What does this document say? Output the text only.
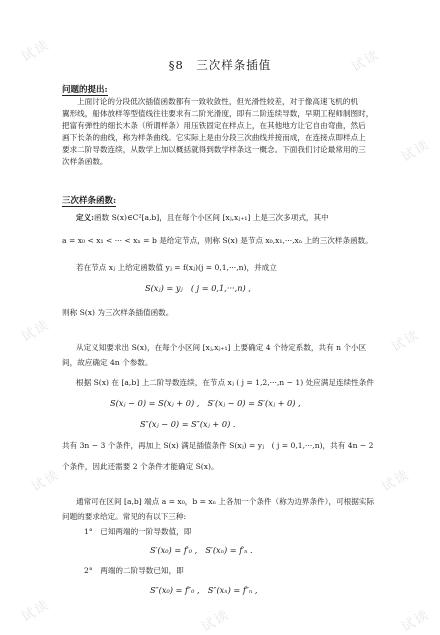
试读	试读
试读
试读	试读
试读	试读
试读	试读	试读
§8　三次样条插值
问题的提出:
上面讨论的分段低次插值函数都有一致收敛性，但光滑性较差，对于像高速飞机的机
翼形线，船体放样等型值线往往要求有二阶光滑度，即有二阶连续导数，早期工程师制图时，
把富有弹性的细长木条（所谓样条）用压铁固定在样点上，在其他地方让它自由弯曲，然后
画下长条的曲线，称为样条曲线。它实际上是由分段三次曲线并接而成，在连接点即样点上
要求二阶导数连续，从数学上加以概括就得到数学样条这一概念。下面我们讨论最常用的三
次样条函数。
三次样条函数:
定义:函数 S(x)∈C²[a,b]，且在每个小区间 [xⱼ,xⱼ₊₁] 上是三次多项式，其中
a = x₀ < x₁ < ··· < xₙ = b 是给定节点，则称 S(x) 是节点 x₀,x₁,···,xₙ 上的三次样条函数。
若在节点 xⱼ 上给定函数值 yⱼ = f(xⱼ)(j = 0,1,···,n)，并成立
S(xⱼ) = yⱼ　( j = 0,1,···,n) ,
则称 S(x) 为三次样条插值函数。
从定义知要求出 S(x)，在每个小区间 [xⱼ,xⱼ₊₁] 上要确定 4 个待定系数，共有 n 个小区
间，故应确定 4n 个参数。
根据 S(x) 在 [a,b] 上二阶导数连续，在节点 xⱼ ( j = 1,2,···,n − 1) 处应满足连续性条件
S(xⱼ − 0) = S(xⱼ + 0) ,　S′(xⱼ − 0) = S′(xⱼ + 0) ,
S″(xⱼ − 0) = S″(xⱼ + 0) .
共有 3n − 3 个条件，再加上 S(x) 满足插值条件 S(xⱼ) = yⱼ　( j = 0,1,···,n)，共有 4n − 2
个条件，因此还需要 2 个条件才能确定 S(x)。
通常可在区间 [a,b] 端点 a = x₀，b = xₙ 上各加一个条件（称为边界条件），可根据实际
问题的要求给定。常见的有以下三种:
1°　已知两端的一阶导数值，即
S′(x₀) = f′₀ ,　S′(xₙ) = f′ₙ .
2°　两端的二阶导数已知，即
S″(x₀) = f″₀ ,　S″(xₙ) = f″ₙ ,
